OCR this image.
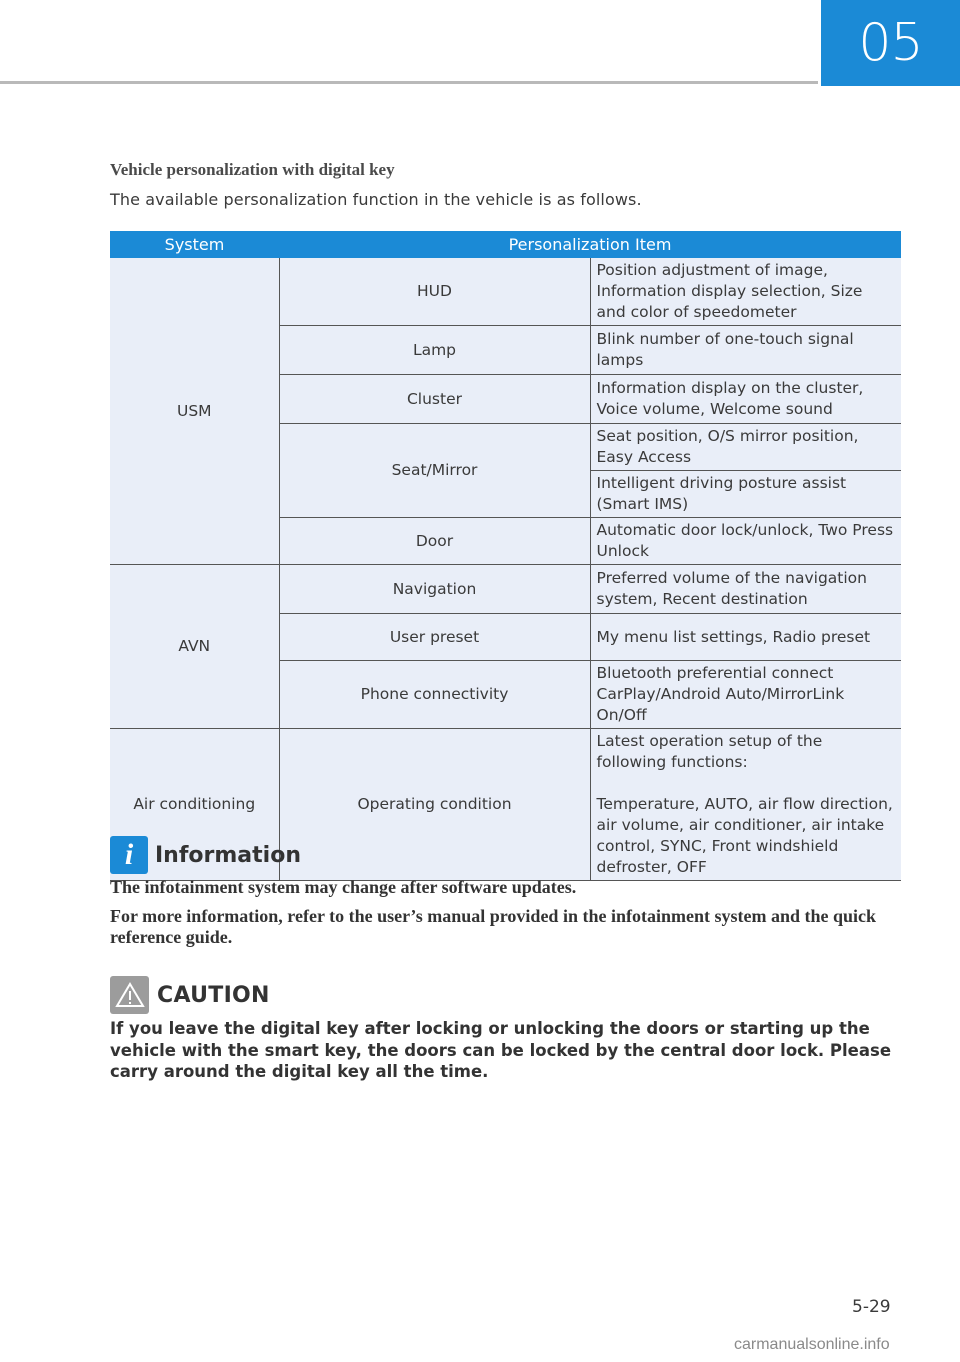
05
Vehicle personalization with digital key
The available personalization function in the vehicle is as follows.
System	Personalization Item	
USM	HUD	Position adjustment of image, Information display selection, Size and color of speedometer
	Lamp	Blink number of one-touch signal lamps
	Cluster	Information display on the cluster, Voice volume, Welcome sound
	Seat/Mirror	Seat position, O/S mirror position, Easy Access
		Intelligent driving posture assist (Smart IMS)
	Door	Automatic door lock/unlock, Two Press Unlock
AVN	Navigation	Preferred volume of the navigation system, Recent destination
	User preset	My menu list settings, Radio preset
	Phone connectivity	Bluetooth preferential connect CarPlay/Android Auto/MirrorLink On/Off
Air conditioning	Operating condition	Latest operation setup of the following functions:
Temperature, AUTO, air flow direction, air volume, air conditioner, air intake control, SYNC, Front windshield defroster, OFF
i Information

The infotainment system may change after software updates.

For more information, refer to the user’s manual provided in the infotainment system and the quick reference guide.

CAUTION

If you leave the digital key after locking or unlocking the doors or starting up the vehicle with the smart key, the doors can be locked by the central door lock. Please carry around the digital key all the time.

5-29
carmanualsonline.info
